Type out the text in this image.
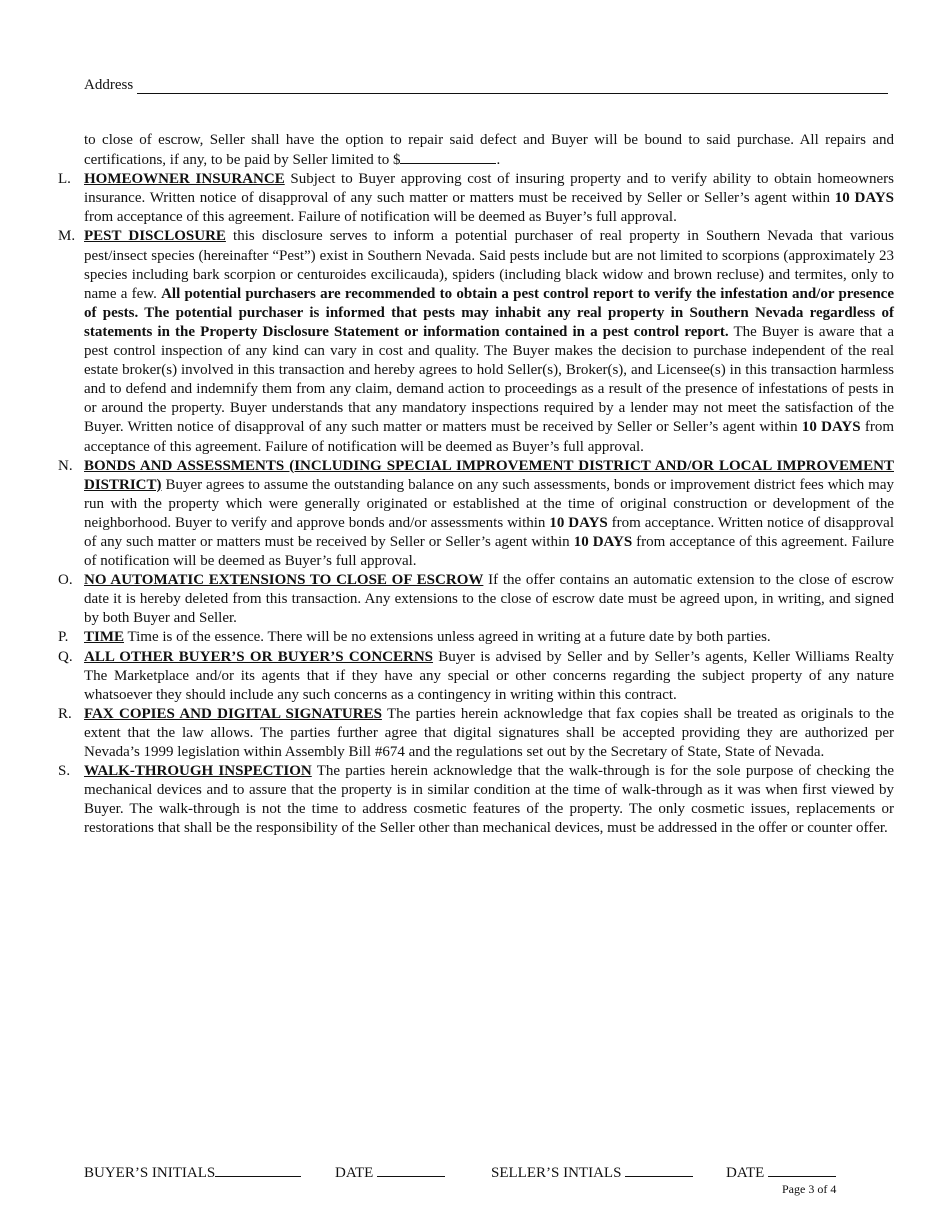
Address

to close of escrow, Seller shall have the option to repair said defect and Buyer will be bound to said purchase. All repairs and certifications, if any, to be paid by Seller limited to $	.

L. HOMEOWNER INSURANCE Subject to Buyer approving cost of insuring property and to verify ability to obtain homeowners insurance. Written notice of disapproval of any such matter or matters must be received by Seller or Seller’s agent within 10 DAYS from acceptance of this agreement. Failure of notification will be deemed as Buyer’s full approval.

M. PEST DISCLOSURE this disclosure serves to inform a potential purchaser of real property in Southern Nevada that various pest/insect species (hereinafter “Pest”) exist in Southern Nevada. Said pests include but are not limited to scorpions (approximately 23 species including bark scorpion or centuroides excilicauda), spiders (including black widow and brown recluse) and termites, only to name a few. All potential purchasers are recommended to obtain a pest control report to verify the infestation and/or presence of pests. The potential purchaser is informed that pests may inhabit any real property in Southern Nevada regardless of statements in the Property Disclosure Statement or information contained in a pest control report. The Buyer is aware that a pest control inspection of any kind can vary in cost and quality. The Buyer makes the decision to purchase independent of the real estate broker(s) involved in this transaction and hereby agrees to hold Seller(s), Broker(s), and Licensee(s) in this transaction harmless and to defend and indemnify them from any claim, demand action to proceedings as a result of the presence of infestations of pests in or around the property. Buyer understands that any mandatory inspections required by a lender may not meet the satisfaction of the Buyer. Written notice of disapproval of any such matter or matters must be received by Seller or Seller’s agent within 10 DAYS from acceptance of this agreement. Failure of notification will be deemed as Buyer’s full approval.

N. BONDS AND ASSESSMENTS (INCLUDING SPECIAL IMPROVEMENT DISTRICT AND/OR LOCAL IMPROVEMENT DISTRICT) Buyer agrees to assume the outstanding balance on any such assessments, bonds or improvement district fees which may run with the property which were generally originated or established at the time of original construction or development of the neighborhood. Buyer to verify and approve bonds and/or assessments within 10 DAYS from acceptance. Written notice of disapproval of any such matter or matters must be received by Seller or Seller’s agent within 10 DAYS from acceptance of this agreement. Failure of notification will be deemed as Buyer’s full approval.

O. NO AUTOMATIC EXTENSIONS TO CLOSE OF ESCROW If the offer contains an automatic extension to the close of escrow date it is hereby deleted from this transaction. Any extensions to the close of escrow date must be agreed upon, in writing, and signed by both Buyer and Seller.

P. TIME Time is of the essence. There will be no extensions unless agreed in writing at a future date by both parties.

Q. ALL OTHER BUYER’S OR BUYER’S CONCERNS Buyer is advised by Seller and by Seller’s agents, Keller Williams Realty The Marketplace and/or its agents that if they have any special or other concerns regarding the subject property of any nature whatsoever they should include any such concerns as a contingency in writing within this contract.

R. FAX COPIES AND DIGITAL SIGNATURES The parties herein acknowledge that fax copies shall be treated as originals to the extent that the law allows. The parties further agree that digital signatures shall be accepted providing they are authorized per Nevada’s 1999 legislation within Assembly Bill #674 and the regulations set out by the Secretary of State, State of Nevada.

S. WALK-THROUGH INSPECTION The parties herein acknowledge that the walk-through is for the sole purpose of checking the mechanical devices and to assure that the property is in similar condition at the time of walk-through as it was when first viewed by Buyer. The walk-through is not the time to address cosmetic features of the property. The only cosmetic issues, replacements or restorations that shall be the responsibility of the Seller other than mechanical devices, must be addressed in the offer or counter offer.

BUYER’S INITIALS	DATE	SELLER’S INTIALS	DATE
Page 3 of 4
